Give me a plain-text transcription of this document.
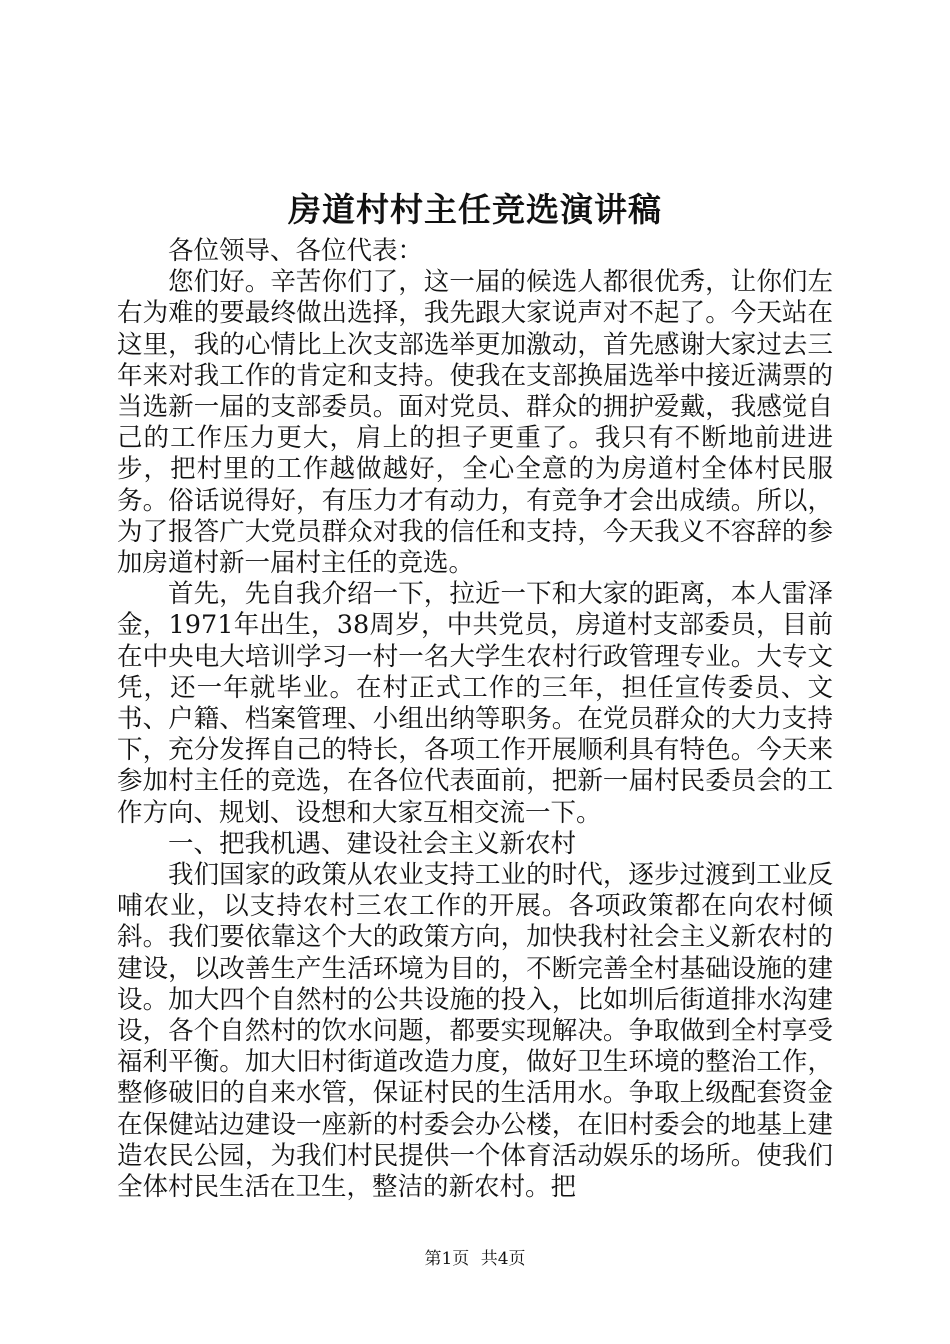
房道村村主任竞选演讲稿

各位领导、各位代表：

您们好。辛苦你们了，这一届的候选人都很优秀，让你们左右为难的要最终做出选择，我先跟大家说声对不起了。今天站在这里，我的心情比上次支部选举更加激动，首先感谢大家过去三年来对我工作的肯定和支持。使我在支部换届选举中接近满票的当选新一届的支部委员。面对党员、群众的拥护爱戴，我感觉自己的工作压力更大，肩上的担子更重了。我只有不断地前进进步，把村里的工作越做越好，全心全意的为房道村全体村民服务。俗话说得好，有压力才有动力，有竞争才会出成绩。所以，为了报答广大党员群众对我的信任和支持，今天我义不容辞的参加房道村新一届村主任的竞选。

首先，先自我介绍一下，拉近一下和大家的距离，本人雷泽金，1971年出生，38周岁，中共党员，房道村支部委员，目前在中央电大培训学习一村一名大学生农村行政管理专业。大专文凭，还一年就毕业。在村正式工作的三年，担任宣传委员、文书、户籍、档案管理、小组出纳等职务。在党员群众的大力支持下，充分发挥自己的特长，各项工作开展顺利具有特色。今天来参加村主任的竞选，在各位代表面前，把新一届村民委员会的工作方向、规划、设想和大家互相交流一下。

一、把我机遇、建设社会主义新农村

我们国家的政策从农业支持工业的时代，逐步过渡到工业反哺农业，以支持农村三农工作的开展。各项政策都在向农村倾斜。我们要依靠这个大的政策方向，加快我村社会主义新农村的建设，以改善生产生活环境为目的，不断完善全村基础设施的建设。加大四个自然村的公共设施的投入，比如圳后街道排水沟建设，各个自然村的饮水问题，都要实现解决。争取做到全村享受福利平衡。加大旧村街道改造力度，做好卫生环境的整治工作，整修破旧的自来水管，保证村民的生活用水。争取上级配套资金在保健站边建设一座新的村委会办公楼，在旧村委会的地基上建造农民公园，为我们村民提供一个体育活动娱乐的场所。使我们全体村民生活在卫生，整洁的新农村。把

第1页 共4页
